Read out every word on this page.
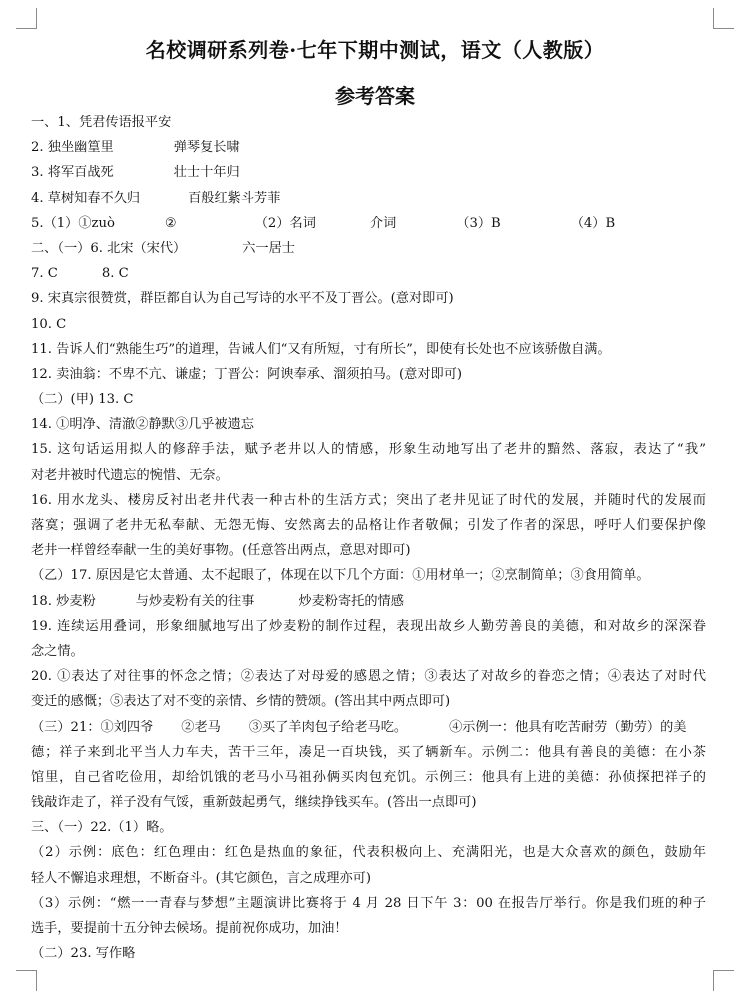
名校调研系列卷·七年下期中测试，语文（人教版）
参考答案
一、1、凭君传语报平安
2. 独坐幽篁里	弹琴复长啸
3. 将军百战死	壮士十年归
4. 草树知春不久归	百般红紫斗芳菲
5.（1）①zuò	②	（2）名词	介词	（3）B	（4）B
二、（一）6. 北宋（宋代）	六一居士
7. C	8. C
9. 宋真宗很赞赏，群臣都自认为自己写诗的水平不及丁晋公。(意对即可)
10. C
11. 告诉人们“熟能生巧”的道理，告诫人们“又有所短，寸有所长”，即使有长处也不应该骄傲自满。
12. 卖油翁：不卑不亢、谦虚；丁晋公：阿谀奉承、溜须拍马。(意对即可)
（二）(甲) 13. C
14. ①明净、清澈②静默③几乎被遗忘
15. 这句话运用拟人的修辞手法，赋予老井以人的情感，形象生动地写出了老井的黯然、落寂，表达了“我”
对老井被时代遗忘的惋惜、无奈。
16. 用水龙头、楼房反衬出老井代表一种古朴的生活方式；突出了老井见证了时代的发展，并随时代的发展而
落寞；强调了老井无私奉献、无怨无悔、安然离去的品格让作者敬佩；引发了作者的深思，呼吁人们要保护像
老井一样曾经奉献一生的美好事物。(任意答出两点，意思对即可)
（乙）17. 原因是它太普通、太不起眼了，体现在以下几个方面：①用材单一；②烹制简单；③食用简单。
18. 炒麦粉	与炒麦粉有关的往事	炒麦粉寄托的情感
19. 连续运用叠词，形象细腻地写出了炒麦粉的制作过程，表现出故乡人勤劳善良的美德，和对故乡的深深眷
念之情。
20. ①表达了对往事的怀念之情；②表达了对母爱的感恩之情；③表达了对故乡的眷恋之情；④表达了对时代
变迁的感慨；⑤表达了对不变的亲情、乡情的赞颂。(答出其中两点即可)
（三）21：①刘四爷 ②老马 ③买了羊肉包子给老马吃。	④示例一：他具有吃苦耐劳（勤劳）的美
德；祥子来到北平当人力车夫，苦干三年，凑足一百块钱，买了辆新车。示例二：他具有善良的美德：在小茶
馆里，自己省吃俭用，却给饥饿的老马小马祖孙俩买肉包充饥。示例三：他具有上进的美德：孙侦探把祥子的
钱敲诈走了，祥子没有气馁，重新鼓起勇气，继续挣钱买车。(答出一点即可)
三、（一）22.（1）略。
（2）示例：底色：红色理由：红色是热血的象征，代表积极向上、充满阳光，也是大众喜欢的颜色，鼓励年
轻人不懈追求理想，不断奋斗。(其它颜色，言之成理亦可)
（3）示例：“燃一一青春与梦想”主题演讲比赛将于 4 月 28 日下午 3：00 在报告厅举行。你是我们班的种子
选手，要提前十五分钟去候场。提前祝你成功，加油！
（二）23. 写作略
